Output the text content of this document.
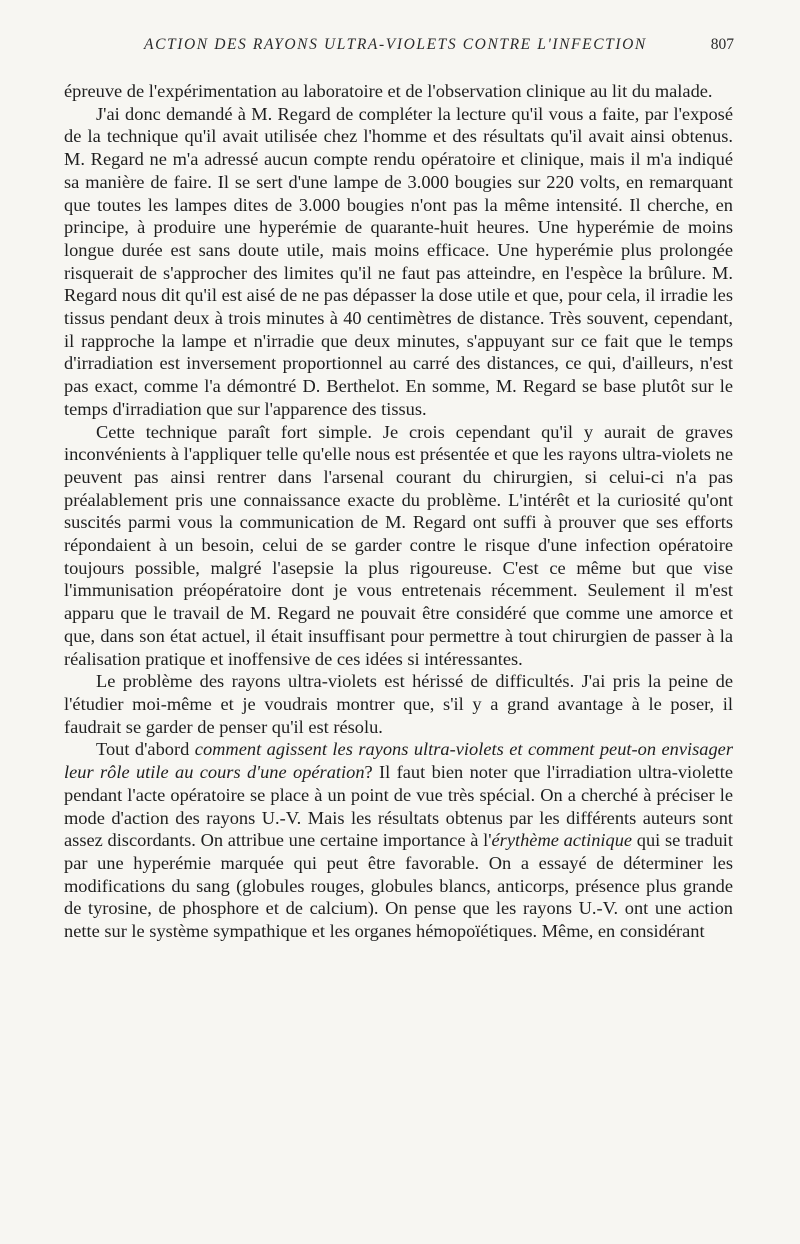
ACTION DES RAYONS ULTRA-VIOLETS CONTRE L'INFECTION	807

épreuve de l'expérimentation au laboratoire et de l'observation clinique au lit du malade.

J'ai donc demandé à M. Regard de compléter la lecture qu'il vous a faite, par l'exposé de la technique qu'il avait utilisée chez l'homme et des résultats qu'il avait ainsi obtenus. M. Regard ne m'a adressé aucun compte rendu opératoire et clinique, mais il m'a indiqué sa manière de faire. Il se sert d'une lampe de 3.000 bougies sur 220 volts, en remarquant que toutes les lampes dites de 3.000 bougies n'ont pas la même intensité. Il cherche, en principe, à produire une hyperémie de quarante-huit heures. Une hyperémie de moins longue durée est sans doute utile, mais moins efficace. Une hyperémie plus prolongée risquerait de s'approcher des limites qu'il ne faut pas atteindre, en l'espèce la brûlure. M. Regard nous dit qu'il est aisé de ne pas dépasser la dose utile et que, pour cela, il irradie les tissus pendant deux à trois minutes à 40 centimètres de distance. Très souvent, cependant, il rapproche la lampe et n'irradie que deux minutes, s'appuyant sur ce fait que le temps d'irradiation est inversement proportionnel au carré des distances, ce qui, d'ailleurs, n'est pas exact, comme l'a démontré D. Berthelot. En somme, M. Regard se base plutôt sur le temps d'irradiation que sur l'apparence des tissus.

Cette technique paraît fort simple. Je crois cependant qu'il y aurait de graves inconvénients à l'appliquer telle qu'elle nous est présentée et que les rayons ultra-violets ne peuvent pas ainsi rentrer dans l'arsenal courant du chirurgien, si celui-ci n'a pas préalablement pris une connaissance exacte du problème. L'intérêt et la curiosité qu'ont suscités parmi vous la communication de M. Regard ont suffi à prouver que ses efforts répondaient à un besoin, celui de se garder contre le risque d'une infection opératoire toujours possible, malgré l'asepsie la plus rigoureuse. C'est ce même but que vise l'immunisation préopératoire dont je vous entretenais récemment. Seulement il m'est apparu que le travail de M. Regard ne pouvait être considéré que comme une amorce et que, dans son état actuel, il était insuffisant pour permettre à tout chirurgien de passer à la réalisation pratique et inoffensive de ces idées si intéressantes.

Le problème des rayons ultra-violets est hérissé de difficultés. J'ai pris la peine de l'étudier moi-même et je voudrais montrer que, s'il y a grand avantage à le poser, il faudrait se garder de penser qu'il est résolu.

Tout d'abord comment agissent les rayons ultra-violets et comment peut-on envisager leur rôle utile au cours d'une opération? Il faut bien noter que l'irradiation ultra-violette pendant l'acte opératoire se place à un point de vue très spécial. On a cherché à préciser le mode d'action des rayons U.-V. Mais les résultats obtenus par les différents auteurs sont assez discordants. On attribue une certaine importance à l'érythème actinique qui se traduit par une hyperémie marquée qui peut être favorable. On a essayé de déterminer les modifications du sang (globules rouges, globules blancs, anticorps, présence plus grande de tyrosine, de phosphore et de calcium). On pense que les rayons U.-V. ont une action nette sur le système sympathique et les organes hémopoïétiques. Même, en considérant
